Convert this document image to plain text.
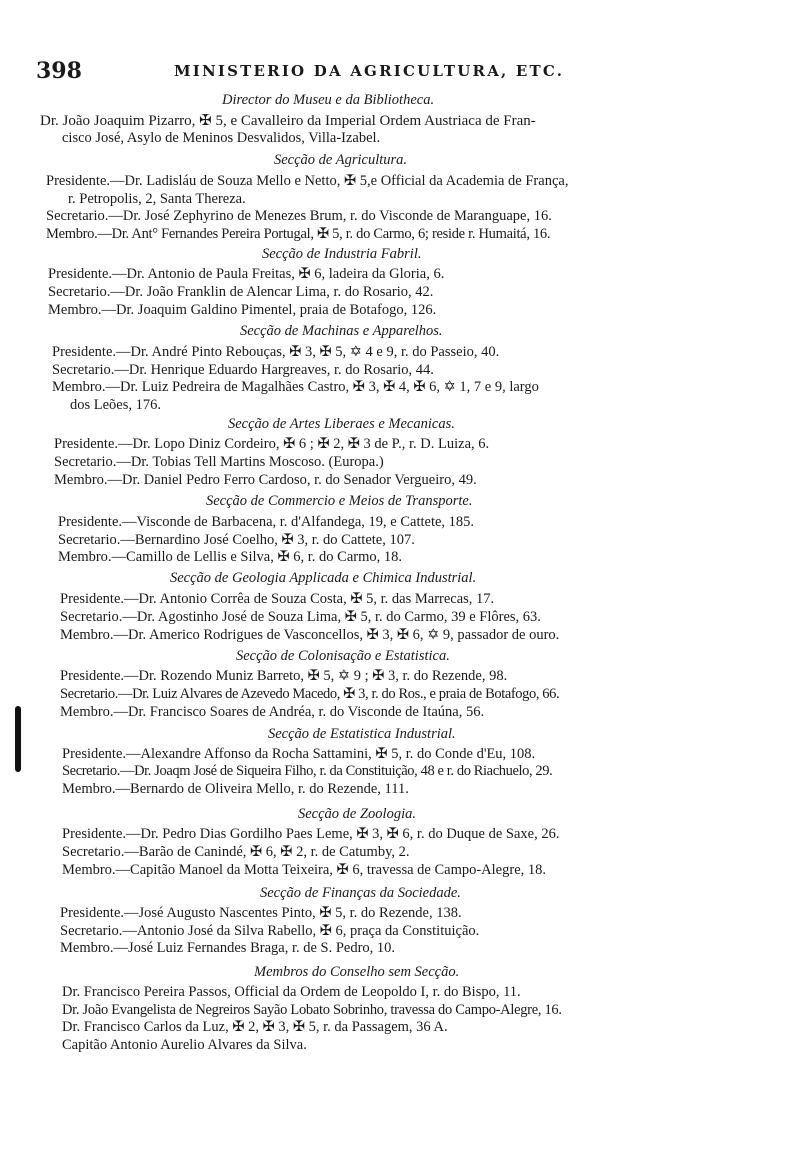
398	MINISTERIO DA AGRICULTURA, ETC.
Director do Museu e da Bibliotheca.
Dr. João Joaquim Pizarro, ✠ 5, e Cavalleiro da Imperial Ordem Austriaca de Fran-
cisco José, Asylo de Meninos Desvalidos, Villa-Izabel.
Secção de Agricultura.
Presidente.—Dr. Ladisláu de Souza Mello e Netto, ✠ 5,e Official da Academia de França,
r. Petropolis, 2, Santa Thereza.
Secretario.—Dr. José Zephyrino de Menezes Brum, r. do Visconde de Maranguape, 16.
Membro.—Dr. Ant° Fernandes Pereira Portugal, ✠ 5, r. do Carmo, 6; reside r. Humaitá, 16.
Secção de Industria Fabril.
Presidente.—Dr. Antonio de Paula Freitas, ✠ 6, ladeira da Gloria, 6.
Secretario.—Dr. João Franklin de Alencar Lima, r. do Rosario, 42.
Membro.—Dr. Joaquim Galdino Pimentel, praia de Botafogo, 126.
Secção de Machinas e Apparelhos.
Presidente.—Dr. André Pinto Rebouças, ✠ 3, ✠ 5, ✡ 4 e 9, r. do Passeio, 40.
Secretario.—Dr. Henrique Eduardo Hargreaves, r. do Rosario, 44.
Membro.—Dr. Luiz Pedreira de Magalhães Castro, ✠ 3, ✠ 4, ✠ 6, ✡ 1, 7 e 9, largo
dos Leões, 176.
Secção de Artes Liberaes e Mecanicas.
Presidente.—Dr. Lopo Diniz Cordeiro, ✠ 6 ; ✠ 2, ✠ 3 de P., r. D. Luiza, 6.
Secretario.—Dr. Tobias Tell Martins Moscoso. (Europa.)
Membro.—Dr. Daniel Pedro Ferro Cardoso, r. do Senador Vergueiro, 49.
Secção de Commercio e Meios de Transporte.
Presidente.—Visconde de Barbacena, r. d'Alfandega, 19, e Cattete, 185.
Secretario.—Bernardino José Coelho, ✠ 3, r. do Cattete, 107.
Membro.—Camillo de Lellis e Silva, ✠ 6, r. do Carmo, 18.
Secção de Geologia Applicada e Chimica Industrial.
Presidente.—Dr. Antonio Corrêa de Souza Costa, ✠ 5, r. das Marrecas, 17.
Secretario.—Dr. Agostinho José de Souza Lima, ✠ 5, r. do Carmo, 39 e Flôres, 63.
Membro.—Dr. Americo Rodrigues de Vasconcellos, ✠ 3, ✠ 6, ✡ 9, passador de ouro.
Secção de Colonisação e Estatistica.
Presidente.—Dr. Rozendo Muniz Barreto, ✠ 5, ✡ 9 ; ✠ 3, r. do Rezende, 98.
Secretario.—Dr. Luiz Alvares de Azevedo Macedo, ✠ 3, r. do Ros., e praia de Botafogo, 66.
Membro.—Dr. Francisco Soares de Andréa, r. do Visconde de Itaúna, 56.
Secção de Estatistica Industrial.
Presidente.—Alexandre Affonso da Rocha Sattamini, ✠ 5, r. do Conde d'Eu, 108.
Secretario.—Dr. Joaqm José de Siqueira Filho, r. da Constituição, 48 e r. do Riachuelo, 29.
Membro.—Bernardo de Oliveira Mello, r. do Rezende, 111.
Secção de Zoologia.
Presidente.—Dr. Pedro Dias Gordilho Paes Leme, ✠ 3, ✠ 6, r. do Duque de Saxe, 26.
Secretario.—Barão de Canindé, ✠ 6, ✠ 2, r. de Catumby, 2.
Membro.—Capitão Manoel da Motta Teixeira, ✠ 6, travessa de Campo-Alegre, 18.
Secção de Finanças da Sociedade.
Presidente.—José Augusto Nascentes Pinto, ✠ 5, r. do Rezende, 138.
Secretario.—Antonio José da Silva Rabello, ✠ 6, praça da Constituição.
Membro.—José Luiz Fernandes Braga, r. de S. Pedro, 10.
Membros do Conselho sem Secção.
Dr. Francisco Pereira Passos, Official da Ordem de Leopoldo I, r. do Bispo, 11.
Dr. João Evangelista de Negreiros Sayão Lobato Sobrinho, travessa do Campo-Alegre, 16.
Dr. Francisco Carlos da Luz, ✠ 2, ✠ 3, ✠ 5, r. da Passagem, 36 A.
Capitão Antonio Aurelio Alvares da Silva.
